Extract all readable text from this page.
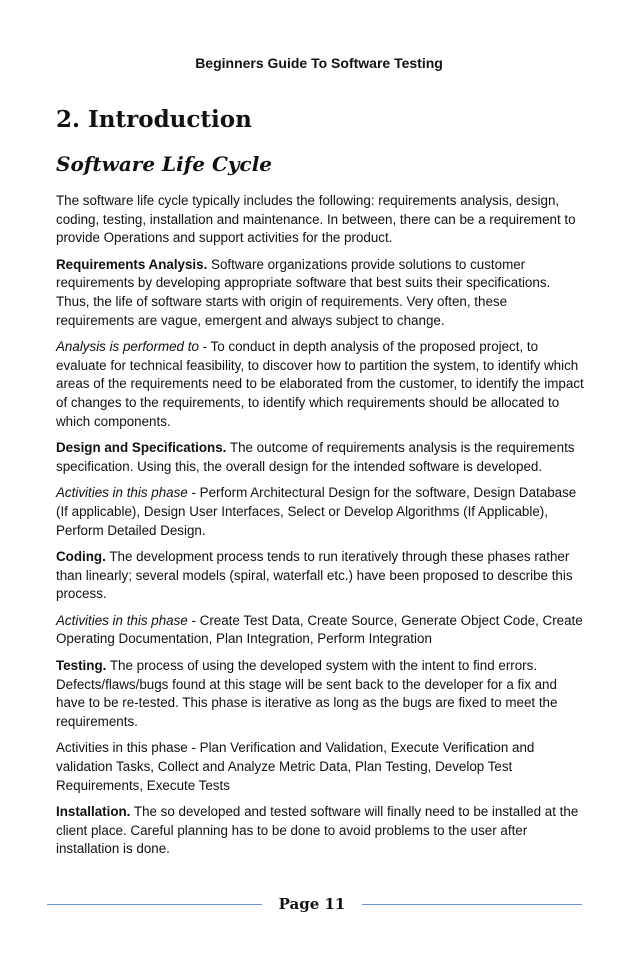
Beginners Guide To Software Testing
2. Introduction
Software Life Cycle

The software life cycle typically includes the following: requirements analysis, design, coding, testing, installation and maintenance. In between, there can be a requirement to provide Operations and support activities for the product.

Requirements Analysis. Software organizations provide solutions to customer requirements by developing appropriate software that best suits their specifications. Thus, the life of software starts with origin of requirements. Very often, these requirements are vague, emergent and always subject to change.

Analysis is performed to - To conduct in depth analysis of the proposed project, to evaluate for technical feasibility, to discover how to partition the system, to identify which areas of the requirements need to be elaborated from the customer, to identify the impact of changes to the requirements, to identify which requirements should be allocated to which components.

Design and Specifications. The outcome of requirements analysis is the requirements specification. Using this, the overall design for the intended software is developed.

Activities in this phase - Perform Architectural Design for the software, Design Database (If applicable), Design User Interfaces, Select or Develop Algorithms (If Applicable), Perform Detailed Design.

Coding. The development process tends to run iteratively through these phases rather than linearly; several models (spiral, waterfall etc.) have been proposed to describe this process.

Activities in this phase - Create Test Data, Create Source, Generate Object Code, Create Operating Documentation, Plan Integration, Perform Integration

Testing. The process of using the developed system with the intent to find errors. Defects/flaws/bugs found at this stage will be sent back to the developer for a fix and have to be re-tested. This phase is iterative as long as the bugs are fixed to meet the requirements.

Activities in this phase - Plan Verification and Validation, Execute Verification and validation Tasks, Collect and Analyze Metric Data, Plan Testing, Develop Test Requirements, Execute Tests

Installation. The so developed and tested software will finally need to be installed at the client place. Careful planning has to be done to avoid problems to the user after installation is done.

Page 11
